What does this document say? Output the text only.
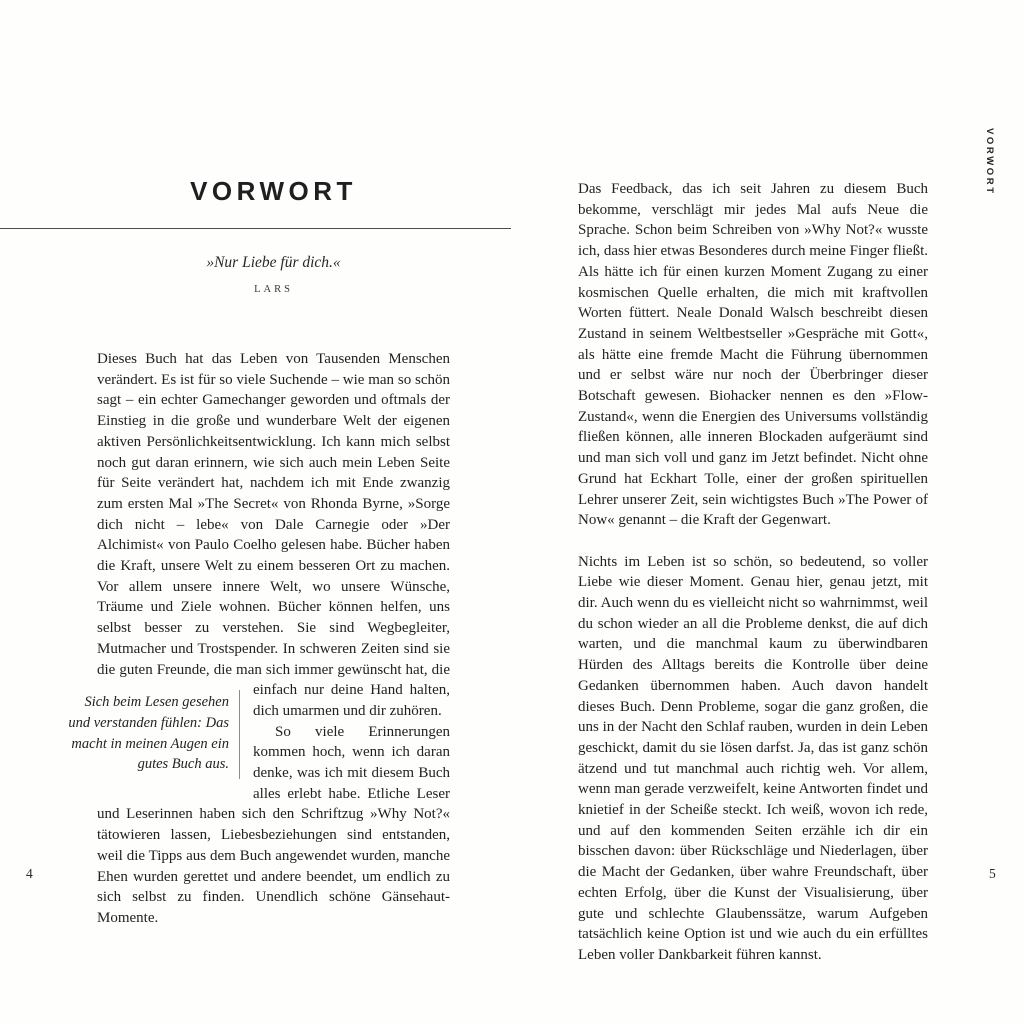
VORWORT
»Nur Liebe für dich.«
LARS

Dieses Buch hat das Leben von Tausenden Menschen verändert. Es ist für so viele Suchende – wie man so schön sagt – ein echter Gamechanger geworden und oftmals der Einstieg in die große und wunderbare Welt der eigenen aktiven Persönlichkeitsentwicklung. Ich kann mich selbst noch gut daran erinnern, wie sich auch mein Leben Seite für Seite verändert hat, nachdem ich mit Ende zwanzig zum ersten Mal »The Secret« von Rhonda Byrne, »Sorge dich nicht – lebe« von Dale Carnegie oder »Der Alchimist« von Paulo Coelho gelesen habe. Bücher haben die Kraft, unsere Welt zu einem besseren Ort zu machen. Vor allem unsere innere Welt, wo unsere Wünsche, Träume und Ziele wohnen. Bücher können helfen, uns selbst besser zu verstehen. Sie sind Wegbegleiter, Mutmacher und Trostspender. In schweren Zeiten sind sie die guten Freunde, die man sich immer
Sich beim Lesen gesehen und verstanden fühlen: Das macht in meinen Augen ein gutes Buch aus.
gewünscht hat, die einfach nur deine Hand halten, dich umarmen und dir zuhören.

So viele Erinnerungen kommen hoch, wenn ich daran denke, was ich mit diesem Buch alles erlebt habe. Etliche Leser und Leserinnen haben sich den Schriftzug »Why Not?« tätowieren lassen, Liebesbeziehungen sind entstanden, weil die Tipps aus dem Buch angewendet wurden, manche Ehen wurden gerettet und andere beendet, um endlich zu sich selbst zu finden. Unendlich schöne Gänsehaut-Momente.

4

Das Feedback, das ich seit Jahren zu diesem Buch bekomme, verschlägt mir jedes Mal aufs Neue die Sprache. Schon beim Schreiben von »Why Not?« wusste ich, dass hier etwas Besonderes durch meine Finger fließt. Als hätte ich für einen kurzen Moment Zugang zu einer kosmischen Quelle erhalten, die mich mit kraftvollen Worten füttert. Neale Donald Walsch beschreibt diesen Zustand in seinem Weltbestseller »Gespräche mit Gott«, als hätte eine fremde Macht die Führung übernommen und er selbst wäre nur noch der Überbringer dieser Botschaft gewesen. Biohacker nennen es den »Flow-Zustand«, wenn die Energien des Universums vollständig fließen können, alle inneren Blockaden aufgeräumt sind und man sich voll und ganz im Jetzt befindet. Nicht ohne Grund hat Eckhart Tolle, einer der großen spirituellen Lehrer unserer Zeit, sein wichtigstes Buch »The Power of Now« genannt – die Kraft der Gegenwart.

Nichts im Leben ist so schön, so bedeutend, so voller Liebe wie dieser Moment. Genau hier, genau jetzt, mit dir. Auch wenn du es vielleicht nicht so wahrnimmst, weil du schon wieder an all die Probleme denkst, die auf dich warten, und die manchmal kaum zu überwindbaren Hürden des Alltags bereits die Kontrolle über deine Gedanken übernommen haben. Auch davon handelt dieses Buch. Denn Probleme, sogar die ganz großen, die uns in der Nacht den Schlaf rauben, wurden in dein Leben geschickt, damit du sie lösen darfst. Ja, das ist ganz schön ätzend und tut manchmal auch richtig weh. Vor allem, wenn man gerade verzweifelt, keine Antworten findet und knietief in der Scheiße steckt. Ich weiß, wovon ich rede, und auf den kommenden Seiten erzähle ich dir ein bisschen davon: über Rückschläge und Niederlagen, über die Macht der Gedanken, über wahre Freundschaft, über echten Erfolg, über die Kunst der Visualisierung, über gute und schlechte Glaubenssätze, warum Aufgeben tatsächlich keine Option ist und wie auch du ein erfülltes Leben voller Dankbarkeit führen kannst.

VORWORT
5
